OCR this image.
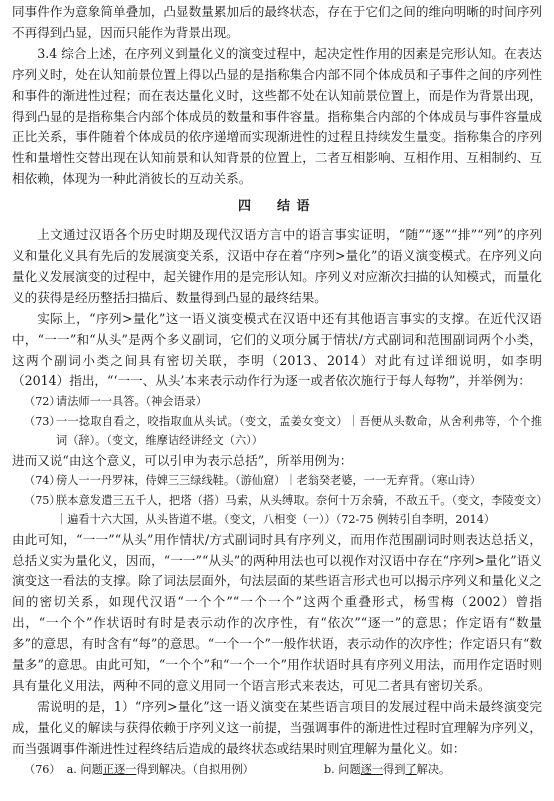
同事件作为意象简单叠加，凸显数量累加后的最终状态，存在于它们之间的维向明晰的时间序列不再得到凸显，因而只能作为背景出现。

3.4 综合上述，在序列义到量化义的演变过程中，起决定性作用的因素是完形认知。在表达序列义时，处在认知前景位置上得以凸显的是指称集合内部不同个体成员和子事件之间的序列性和事件的渐进性过程；而在表达量化义时，这些都不处在认知前景位置上，而是作为背景出现，得到凸显的是指称集合内部个体成员的数量和事件容量。指称集合内部的个体成员与事件容量成正比关系，事件随着个体成员的依序递增而实现渐进性的过程且持续发生量变。指称集合的序列性和量增性交替出现在认知前景和认知背景的位置上，二者互相影响、互相作用、互相制约、互相依赖，体现为一种此消彼长的互动关系。

四　结语

上文通过汉语各个历史时期及现代汉语方言中的语言事实证明，“随”“逐”“排”“列”的序列义和量化义具有先后的发展演变关系，汉语中存在着“序列>量化”的语义演变模式。在序列义向量化义发展演变的过程中，起关键作用的是完形认知。序列义对应渐次扫描的认知模式，而量化义的获得是经历整括扫描后、数量得到凸显的最终结果。

实际上，“序列>量化”这一语义演变模式在汉语中还有其他语言事实的支撑。在近代汉语中，“一一”和“从头”是两个多义副词，它们的义项分属于情状/方式副词和范围副词两个小类，这两个副词小类之间具有密切关联，李明（2013、2014）对此有过详细说明，如李明（2014）指出，“‘一一、从头’本来表示动作行为逐一或者依次施行于每人每物”，并举例为：

（72）
请法师一一具答。（神会语录）
（73）
一一捻取自看之，咬指取血从头试。（变文，孟姜女变文）｜吾便从头数命，从舍利弗等，个个推词（辞）。（变文，维摩诘经讲经文（六））

进而又说“由这个意义，可以引申为表示总括”，所举用例为：

（74）
傍人一一丹罗袜，侍婢三三绿线鞋。（游仙窟）｜老翁癸老婆，一一无弃背。（寒山诗）
（75）
朕本意发遣三五千人，把塔（搭）马索，从头缚取。奈何十万余骑，不敌五千。（变文，李陵变文）｜遍看十六大国，从头皆道不堪。（变文，八相变（一））（72-75 例转引自李明，2014）

由此可知，“一一”“从头”用作情状/方式副词时具有序列义，而用作范围副词时则表达总括义，总括义实为量化义，因而，“一一”“从头”的两种用法也可以视作对汉语中存在“序列>量化”语义演变这一看法的支撑。除了词法层面外，句法层面的某些语言形式也可以揭示序列义和量化义之间的密切关系，如现代汉语“一个个”“一个一个”这两个重叠形式，杨雪梅（2002）曾指出，“一个个”作状语时有时是表示动作的次序性，有“依次”“逐一”的意思；作定语有“数量多”的意思，有时含有“每”的意思。“一个一个”一般作状语，表示动作的次序性；作定语只有“数量多”的意思。由此可知，“一个个”和“一个一个”用作状语时具有序列义用法，而用作定语时则具有量化义用法，两种不同的意义用同一个语言形式来表达，可见二者具有密切关系。

需说明的是，1）“序列>量化”这一语义演变在某些语言项目的发展过程中尚未最终演变完成，量化义的解读与获得依赖于序列义这一前提，当强调事件的渐进性过程时宜理解为序列义，而当强调事件渐进性过程终结后造成的最终状态或结果时则宜理解为量化义。如：

（76） a. 问题正逐一得到解决。（自拟用例）	b. 问题逐一得到了解决。
